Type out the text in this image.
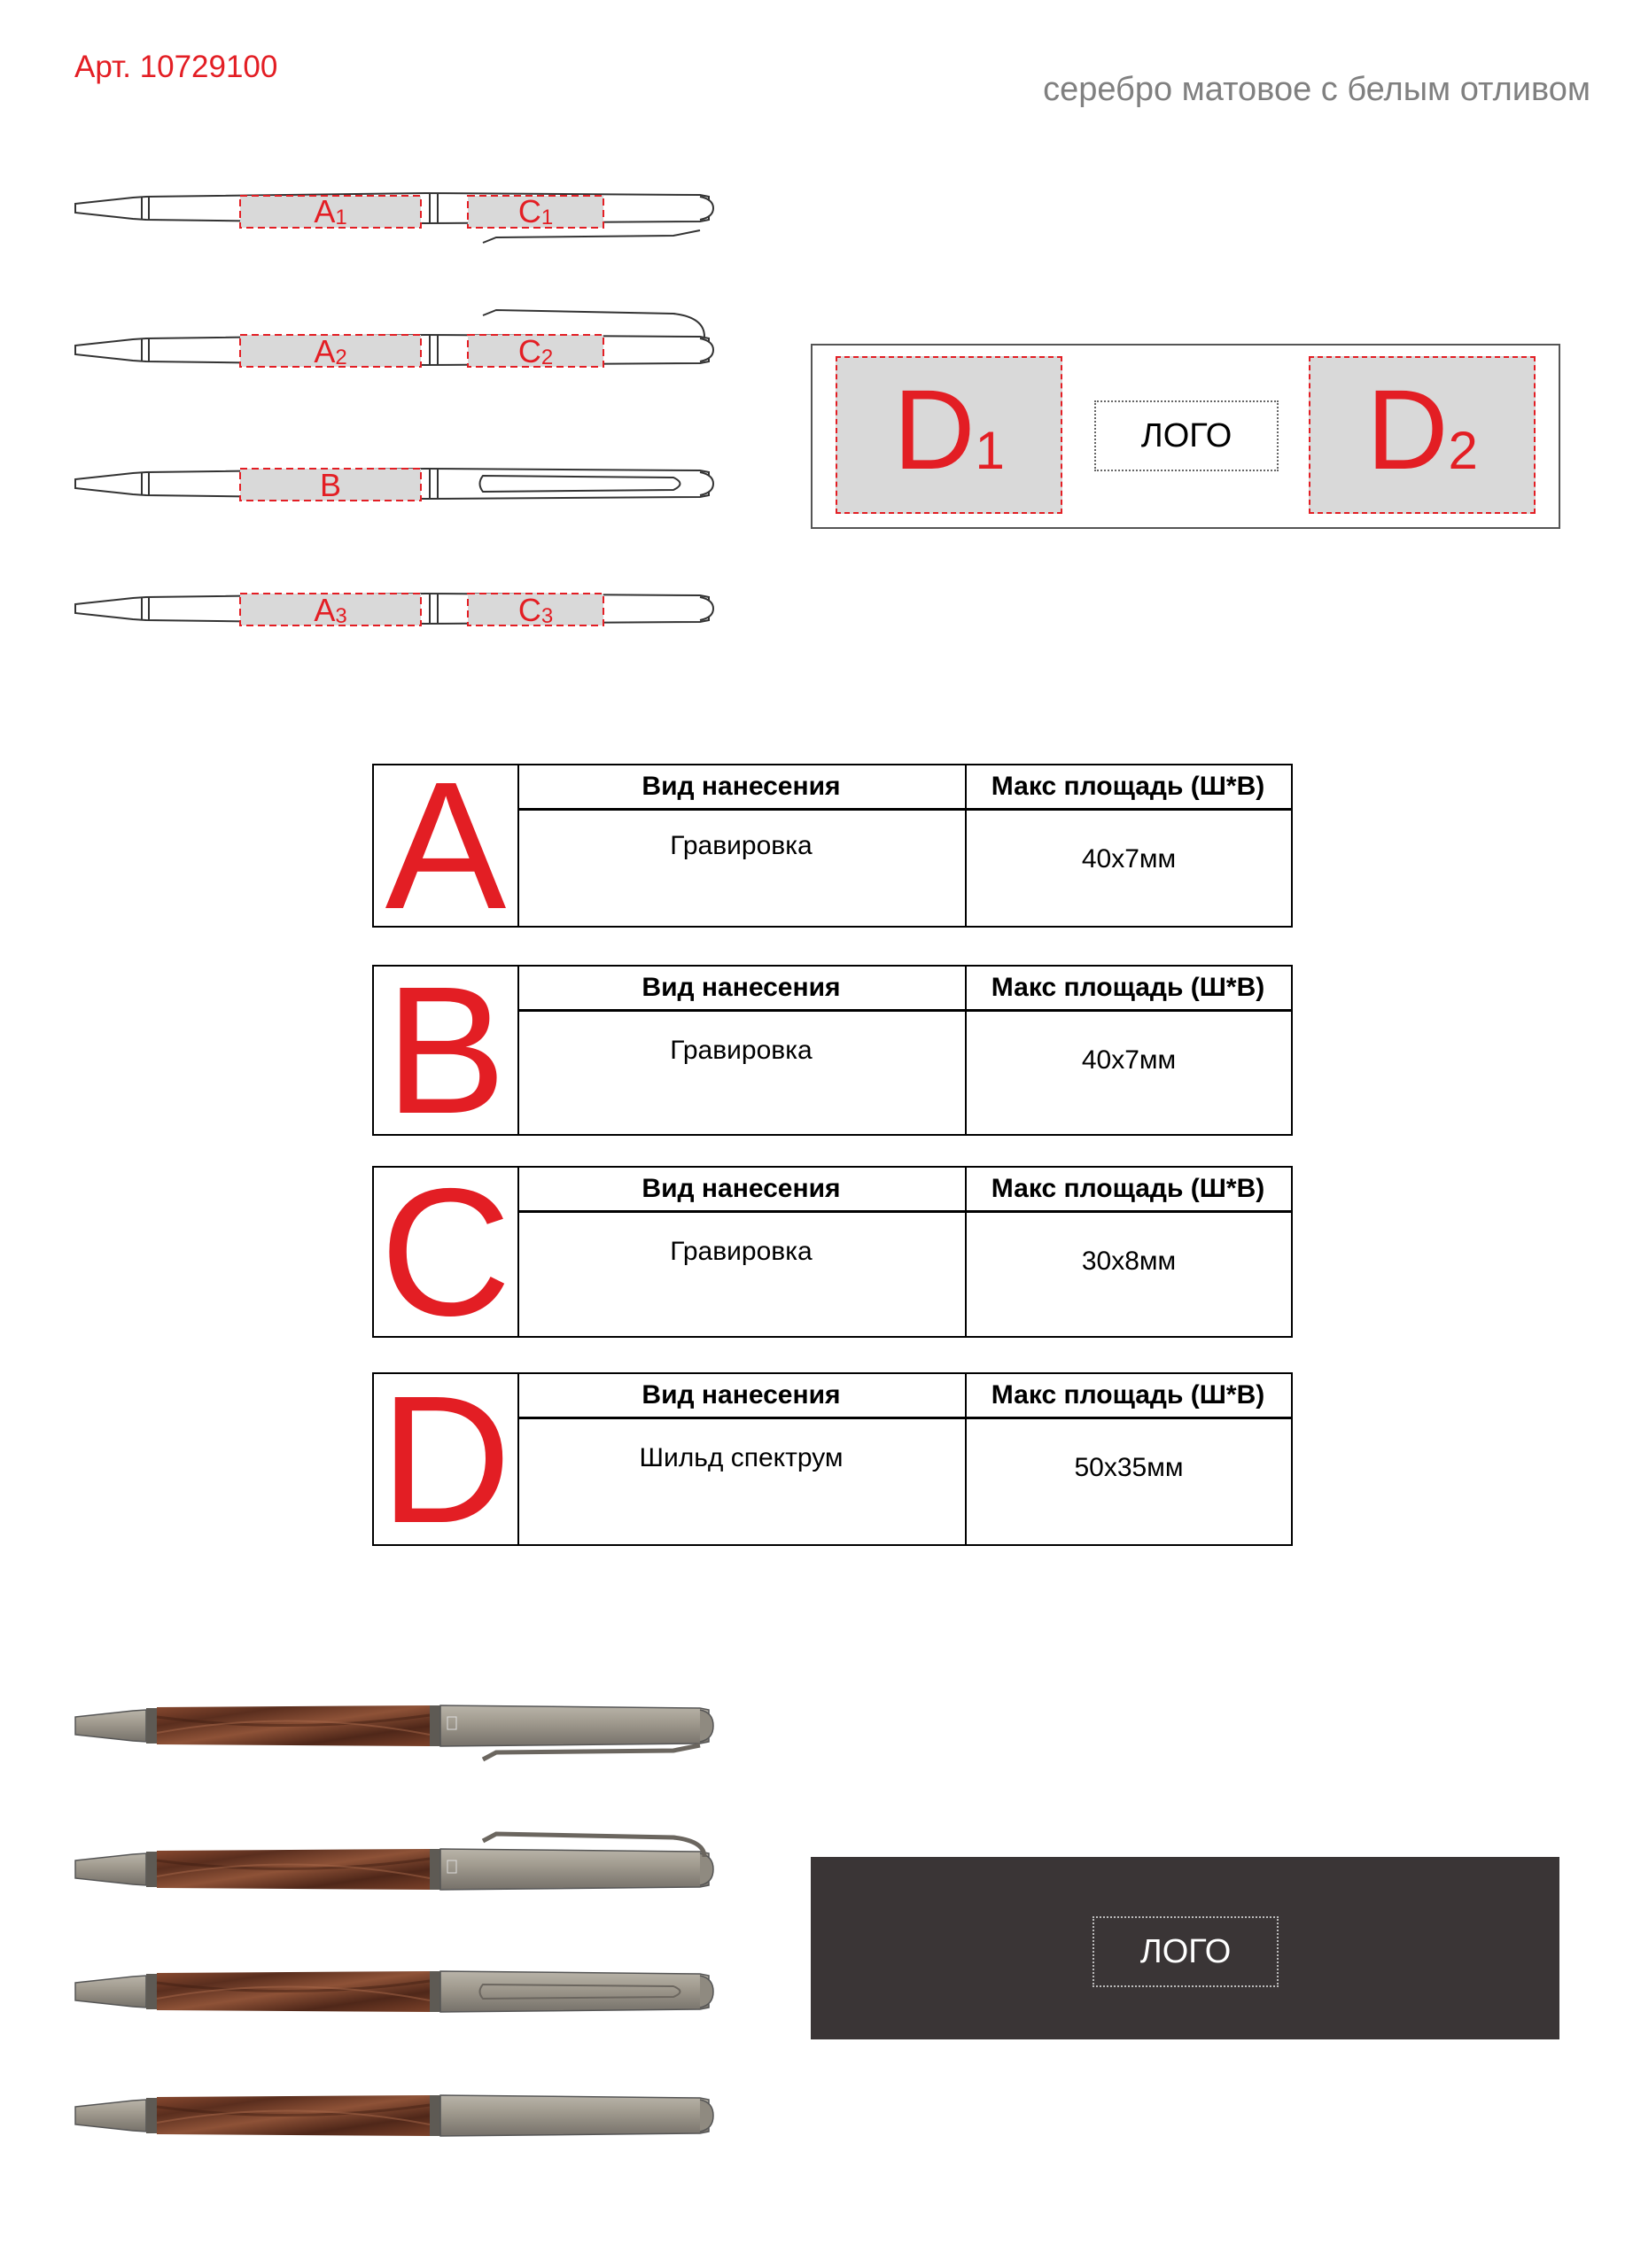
Арт. 10729100
серебро матовое с белым отливом
$A_1$	$C_1$
$A_2$	$C_2$
B
$A_3$	$C_3$
D1	ЛОГО	D2
A	Вид нанесения	Макс площадь (Ш*В)
Гравировка	40х7мм
B	Вид нанесения	Макс площадь (Ш*В)
Гравировка	40х7мм
C	Вид нанесения	Макс площадь (Ш*В)
Гравировка	30х8мм
D	Вид нанесения	Макс площадь (Ш*В)
Шильд спектрум	50х35мм
ЛОГО
